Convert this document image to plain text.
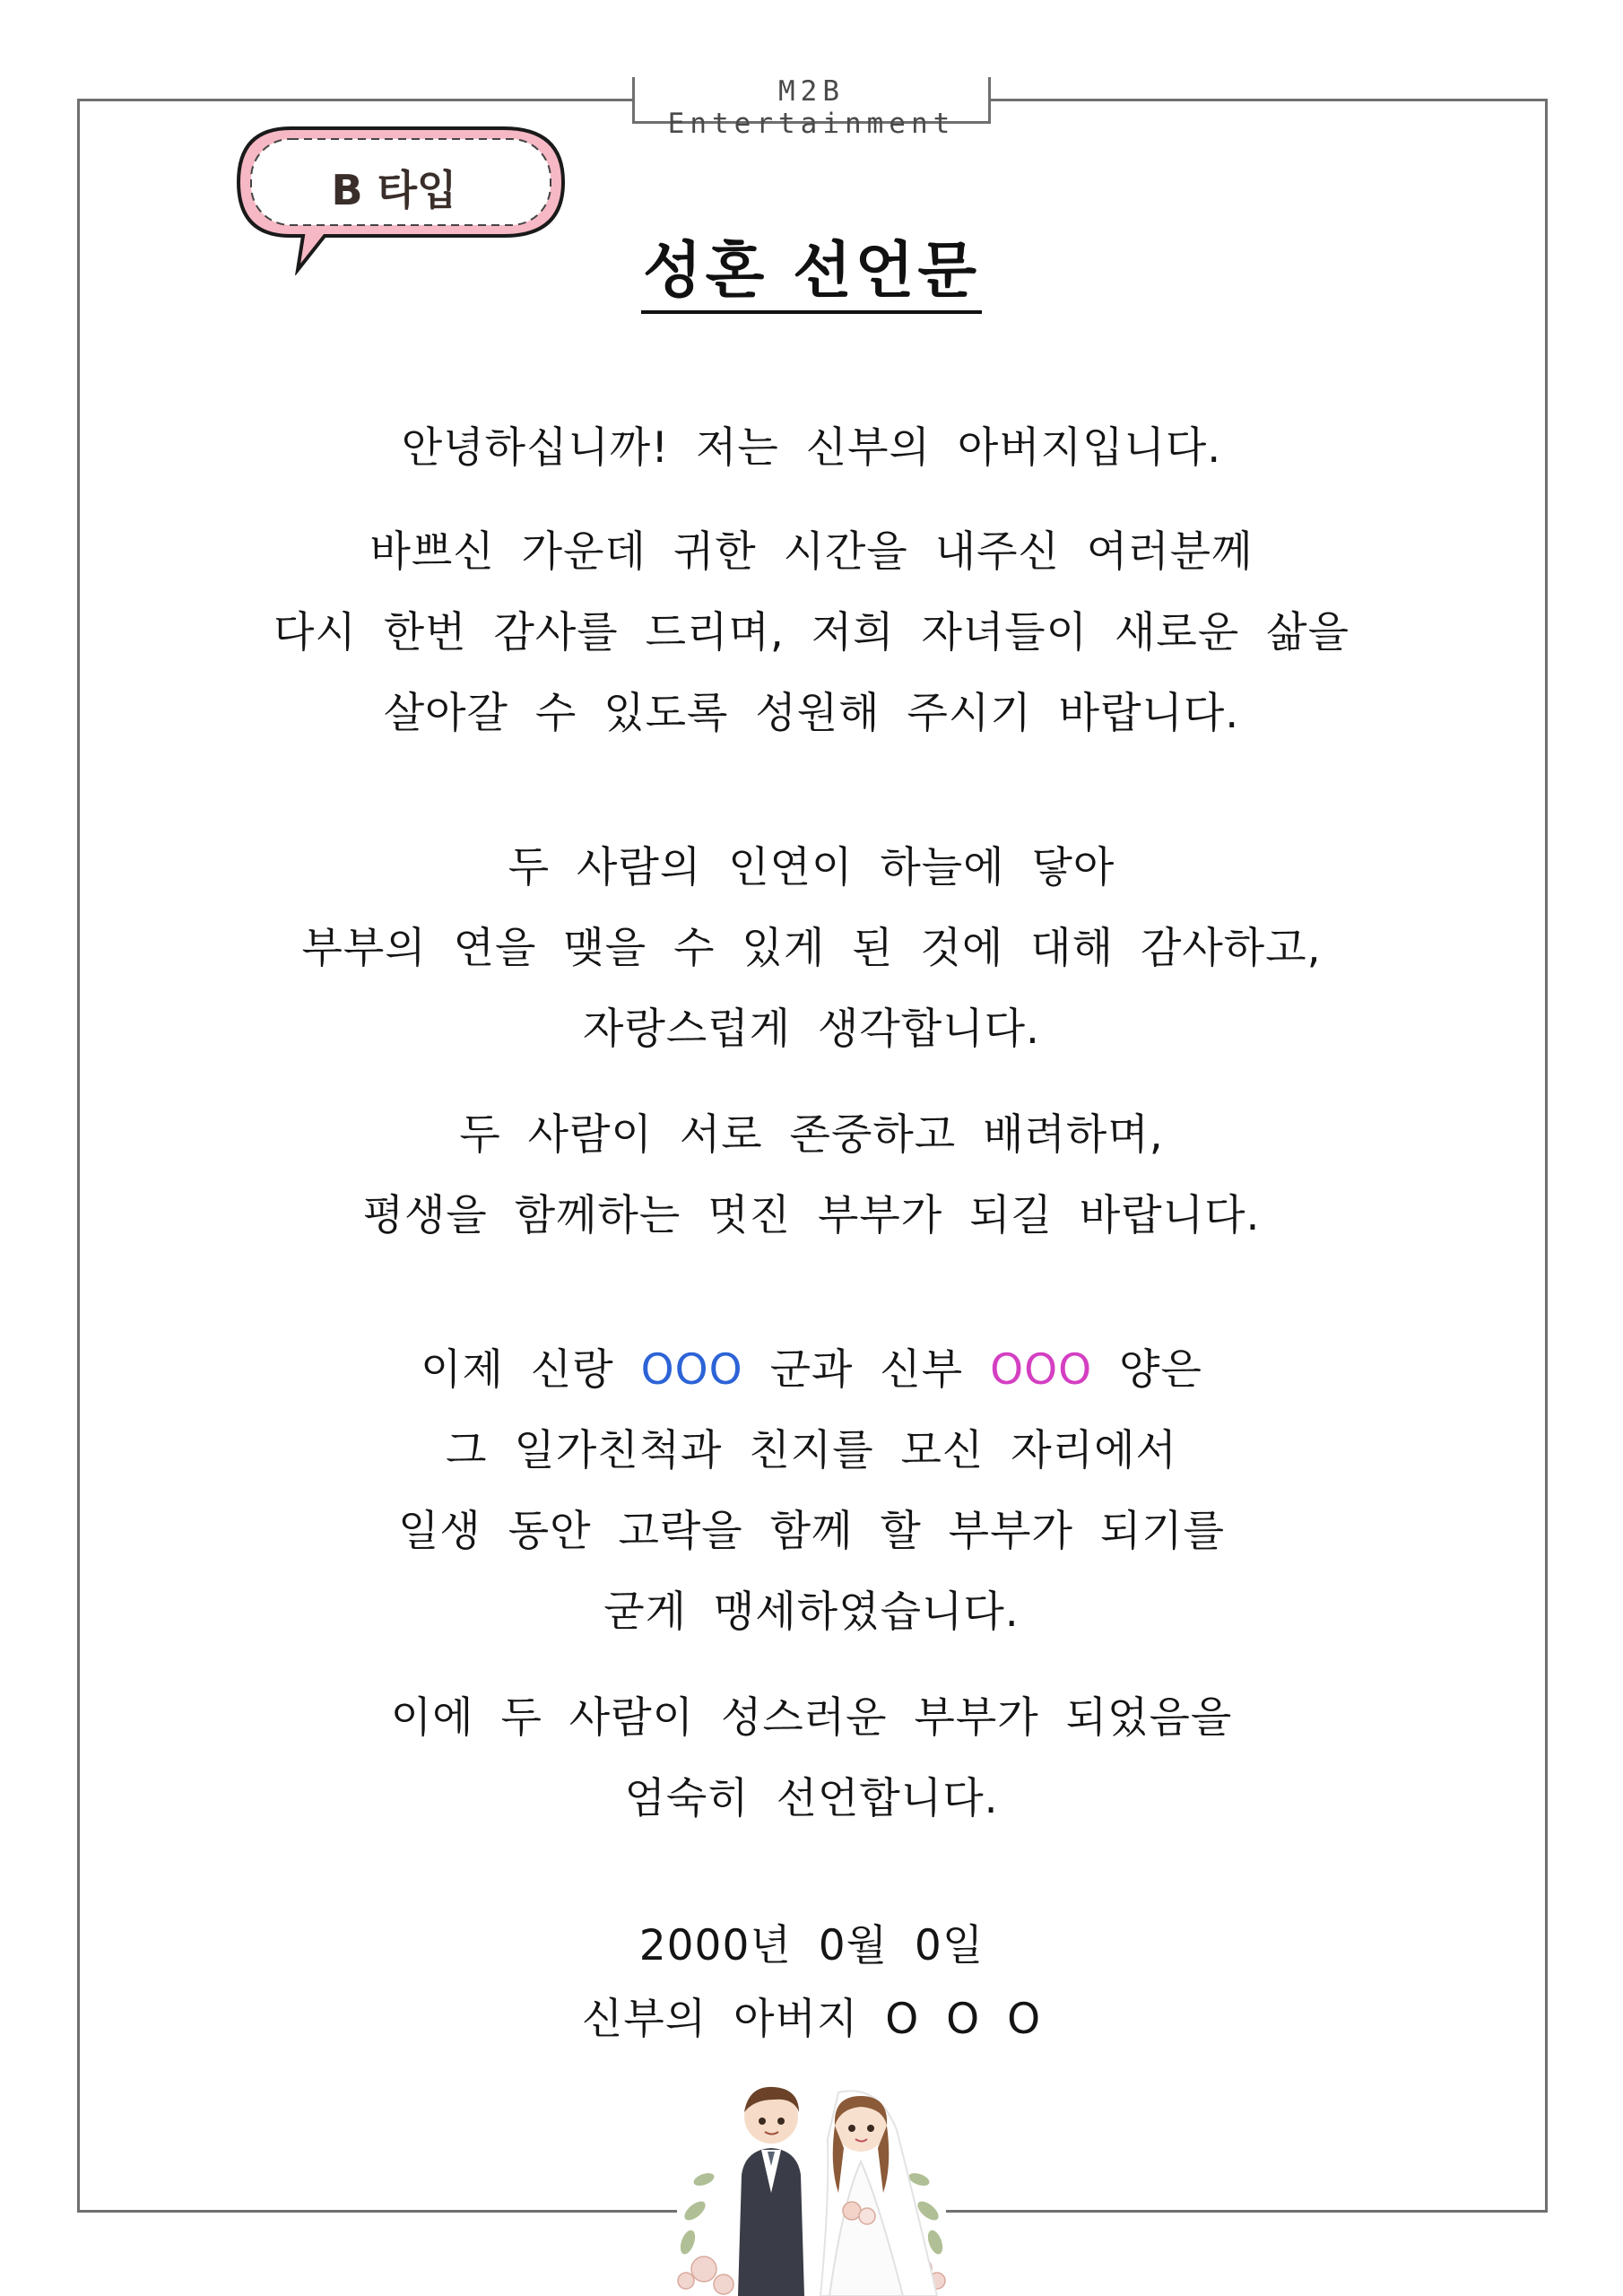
M2B Entertainment
B 타입
성혼 선언문
안녕하십니까! 저는 신부의 아버지입니다.
바쁘신 가운데 귀한 시간을 내주신 여러분께
다시 한번 감사를 드리며, 저희 자녀들이 새로운 삶을
살아갈 수 있도록 성원해 주시기 바랍니다.
두 사람의 인연이 하늘에 닿아
부부의 연을 맺을 수 있게 된 것에 대해 감사하고,
자랑스럽게 생각합니다.
두 사람이 서로 존중하고 배려하며,
평생을 함께하는 멋진 부부가 되길 바랍니다.
이제 신랑 OOO 군과 신부 OOO 양은
그 일가친척과 친지를 모신 자리에서
일생 동안 고락을 함께 할 부부가 되기를
굳게 맹세하였습니다.
이에 두 사람이 성스러운 부부가 되었음을
엄숙히 선언합니다.
2000년 0월 0일
신부의 아버지 O O O
